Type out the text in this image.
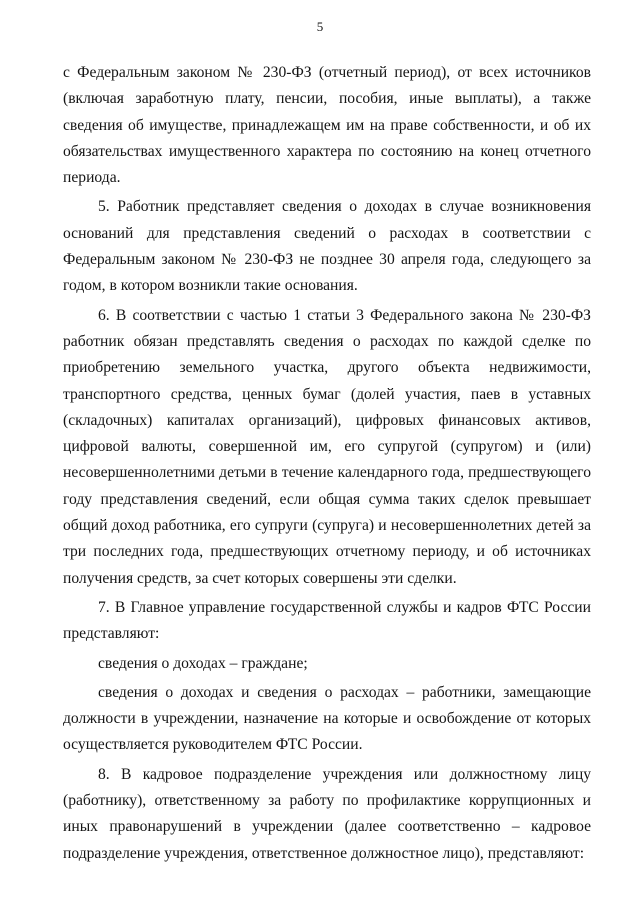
5

с Федеральным законом № 230-ФЗ (отчетный период), от всех источников (включая заработную плату, пенсии, пособия, иные выплаты), а также сведения об имуществе, принадлежащем им на праве собственности, и об их обязательствах имущественного характера по состоянию на конец отчетного периода.

5. Работник представляет сведения о доходах в случае возникновения оснований для представления сведений о расходах в соответствии с Федеральным законом № 230-ФЗ не позднее 30 апреля года, следующего за годом, в котором возникли такие основания.

6. В соответствии с частью 1 статьи 3 Федерального закона № 230-ФЗ работник обязан представлять сведения о расходах по каждой сделке по приобретению земельного участка, другого объекта недвижимости, транспортного средства, ценных бумаг (долей участия, паев в уставных (складочных) капиталах организаций), цифровых финансовых активов, цифровой валюты, совершенной им, его супругой (супругом) и (или) несовершеннолетними детьми в течение календарного года, предшествующего году представления сведений, если общая сумма таких сделок превышает общий доход работника, его супруги (супруга) и несовершеннолетних детей за три последних года, предшествующих отчетному периоду, и об источниках получения средств, за счет которых совершены эти сделки.

7. В Главное управление государственной службы и кадров ФТС России представляют:

сведения о доходах – граждане;

сведения о доходах и сведения о расходах – работники, замещающие должности в учреждении, назначение на которые и освобождение от которых осуществляется руководителем ФТС России.

8. В кадровое подразделение учреждения или должностному лицу (работнику), ответственному за работу по профилактике коррупционных и иных правонарушений в учреждении (далее соответственно – кадровое подразделение учреждения, ответственное должностное лицо), представляют:
